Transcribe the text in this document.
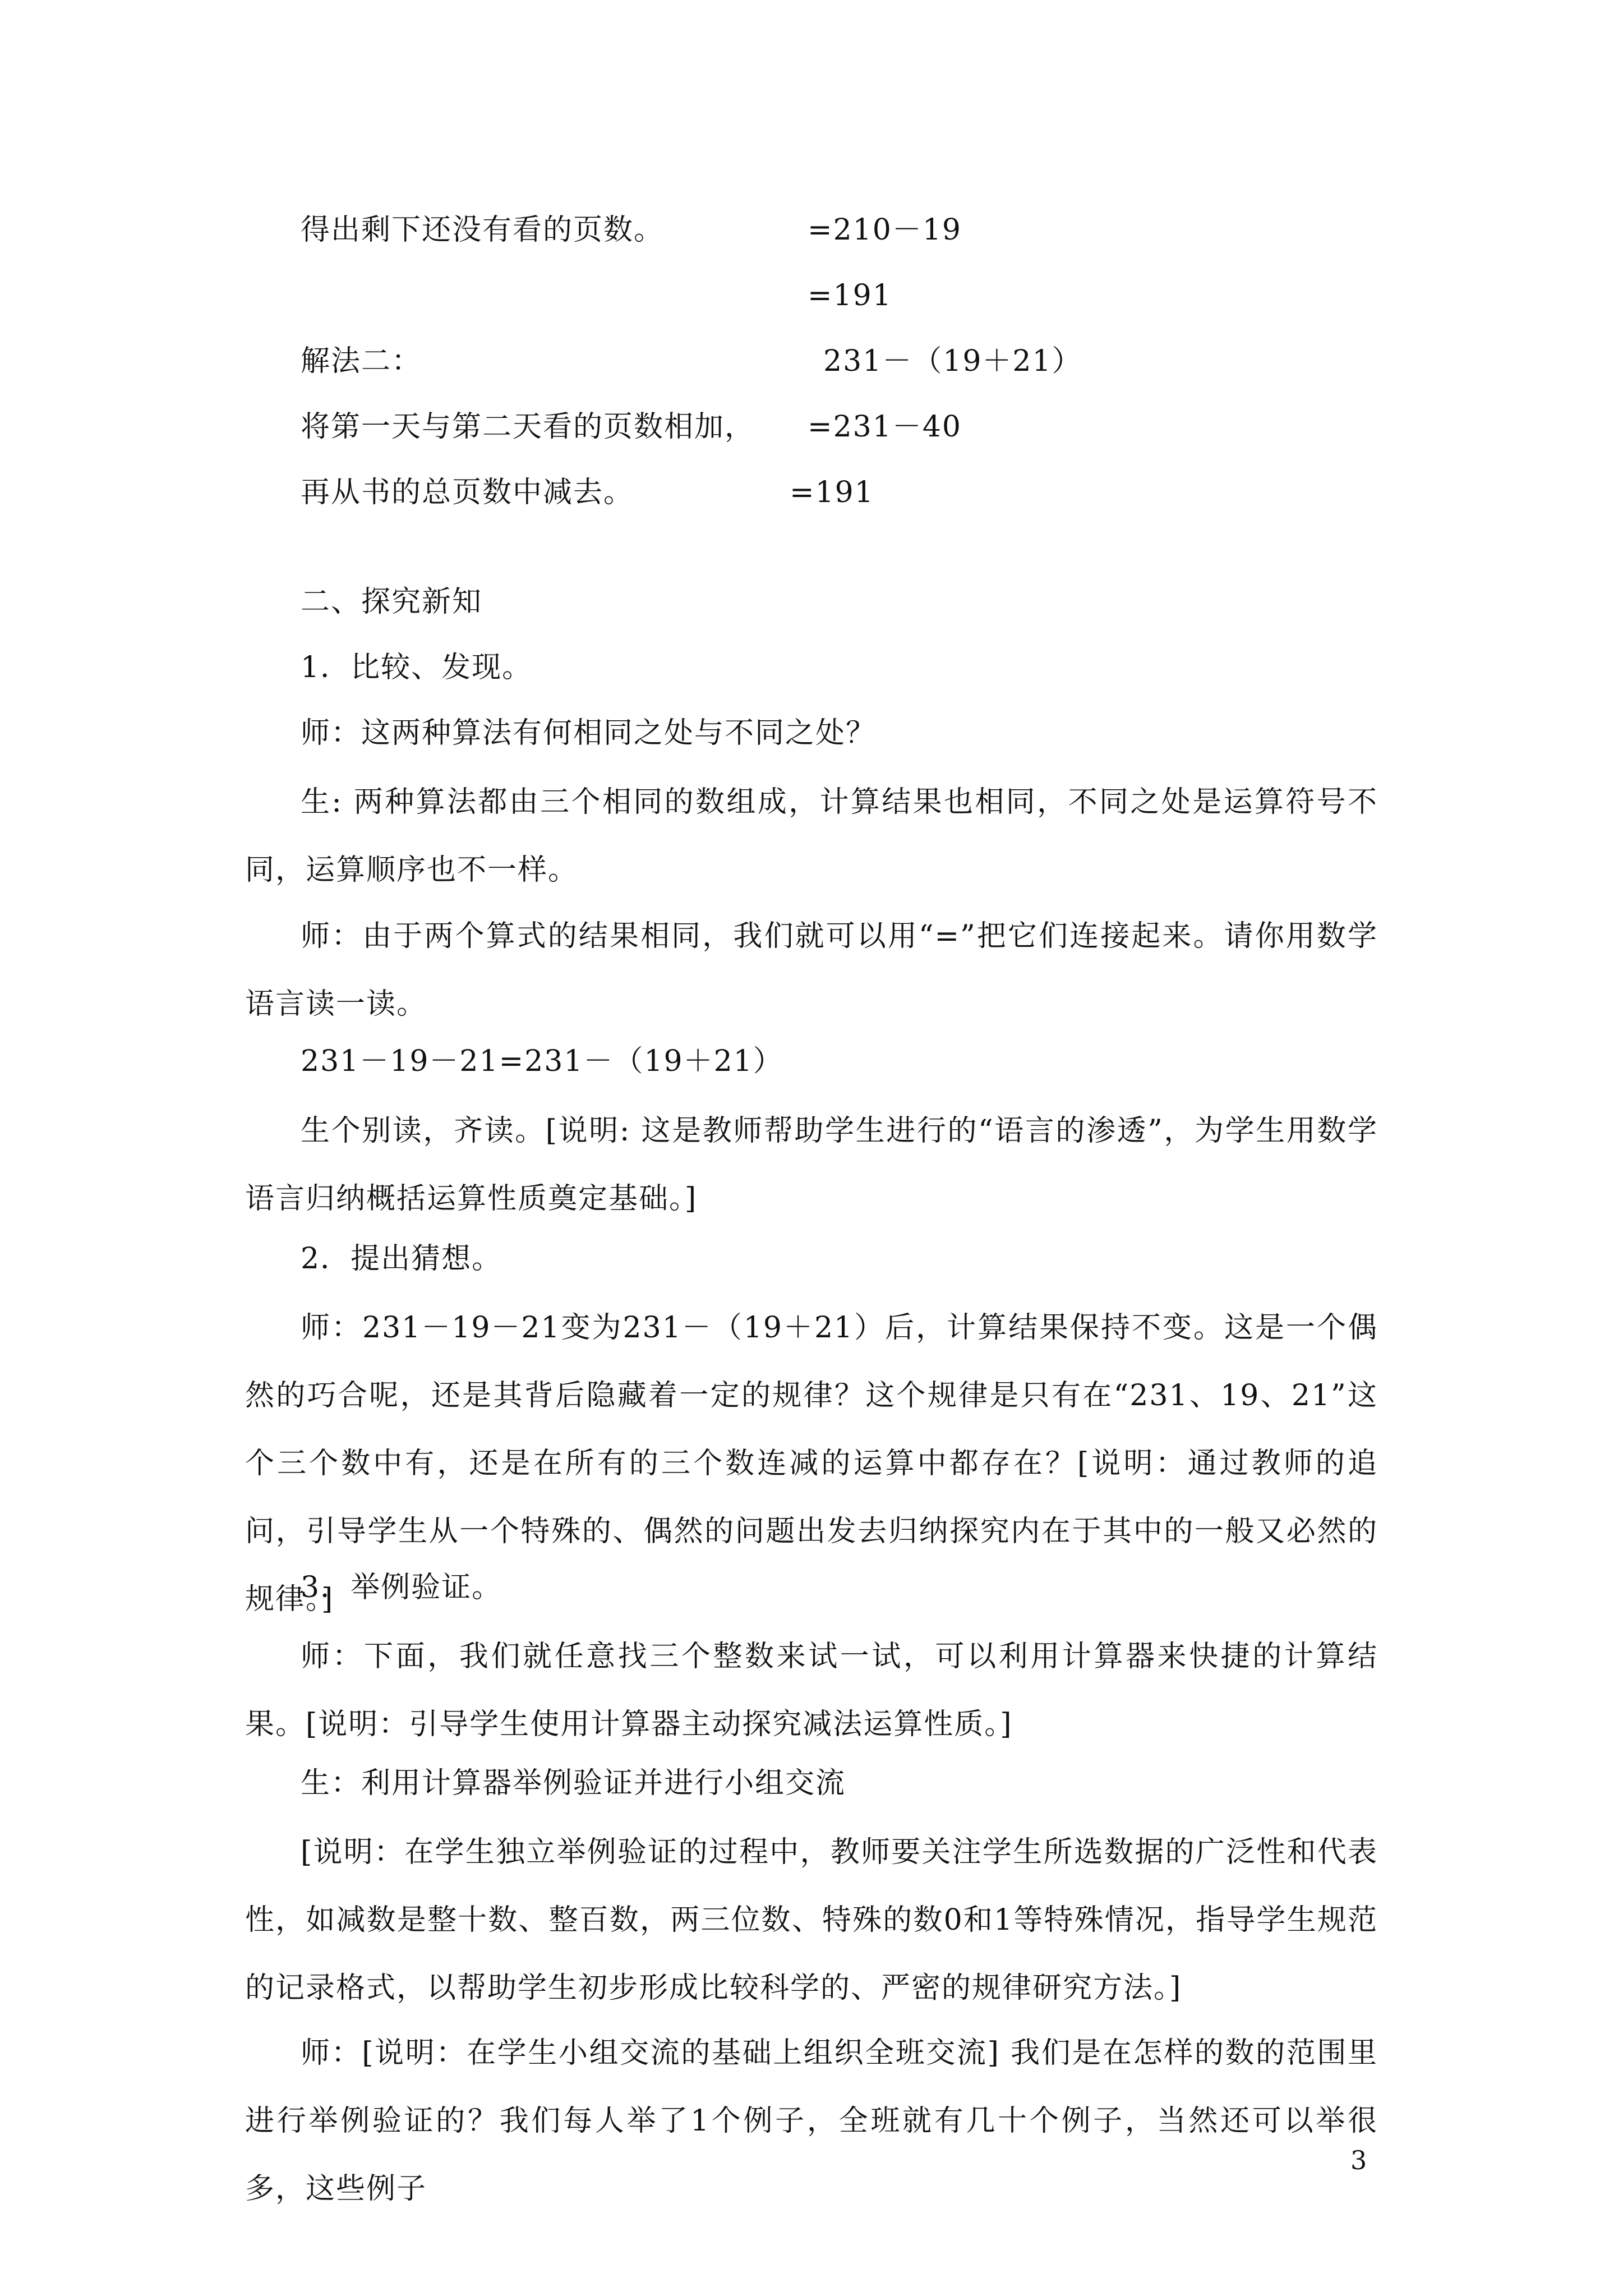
得出剩下还没有看的页数。	=210－19
=191
解法二：	231－（19＋21）
将第一天与第二天看的页数相加， =231－40
再从书的总页数中减去。	=191
二、探究新知
1．比较、发现。
师：这两种算法有何相同之处与不同之处？
生: 两种算法都由三个相同的数组成，计算结果也相同，不同之处是运算符号不同，运算顺序也不一样。
师：由于两个算式的结果相同，我们就可以用“=”把它们连接起来。请你用数学语言读一读。
231－19－21=231－（19＋21）
生个别读，齐读。[说明: 这是教师帮助学生进行的“语言的渗透”，为学生用数学语言归纳概括运算性质奠定基础。]
2．提出猜想。
师：231－19－21变为231－（19＋21）后，计算结果保持不变。这是一个偶然的巧合呢，还是其背后隐藏着一定的规律？这个规律是只有在“231、19、21”这个三个数中有，还是在所有的三个数连减的运算中都存在？[说明：通过教师的追问，引导学生从一个特殊的、偶然的问题出发去归纳探究内在于其中的一般又必然的规律。]
3．举例验证。
师：下面，我们就任意找三个整数来试一试，可以利用计算器来快捷的计算结果。[说明：引导学生使用计算器主动探究减法运算性质。]
生：利用计算器举例验证并进行小组交流
[说明：在学生独立举例验证的过程中，教师要关注学生所选数据的广泛性和代表性，如减数是整十数、整百数，两三位数、特殊的数0和1等特殊情况，指导学生规范的记录格式，以帮助学生初步形成比较科学的、严密的规律研究方法。]
师：[说明：在学生小组交流的基础上组织全班交流] 我们是在怎样的数的范围里进行举例验证的？我们每人举了1个例子，全班就有几十个例子，当然还可以举很多，这些例子
3
